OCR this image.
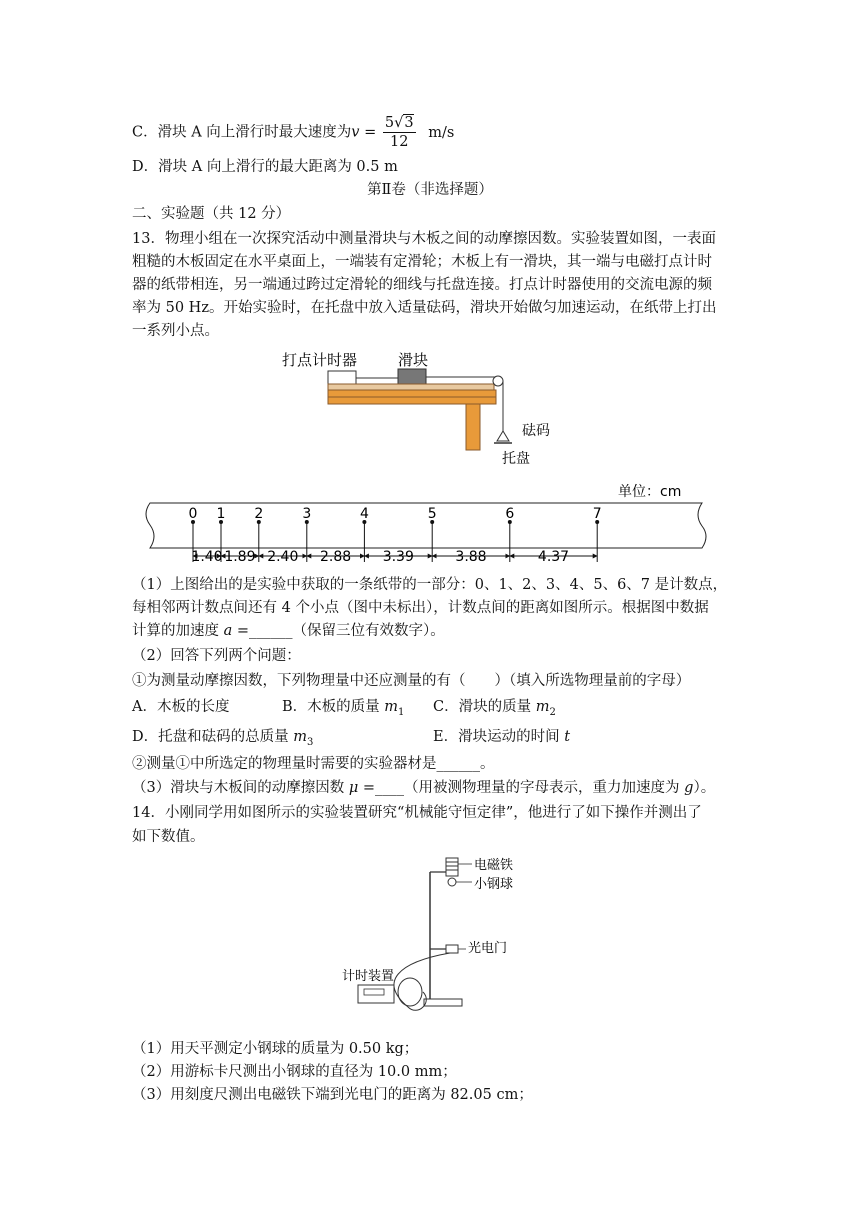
C．滑块 A 向上滑行时最大速度为$v = \frac{5√3}{12} m/s$
D．滑块 A 向上滑行的最大距离为 0.5 m
第Ⅱ卷（非选择题）
二、实验题（共 12 分）
13．物理小组在一次探究活动中测量滑块与木板之间的动摩擦因数。实验装置如图，一表面
粗糙的木板固定在水平桌面上，一端装有定滑轮；木板上有一滑块，其一端与电磁打点计时
器的纸带相连，另一端通过跨过定滑轮的细线与托盘连接。打点计时器使用的交流电源的频
率为 50 Hz。开始实验时，在托盘中放入适量砝码，滑块开始做匀加速运动，在纸带上打出
一系列小点。
打点计时器	滑块
砝码
托盘
单位：cm
0 1 2	3	4	5	6	7
1.40 1.89 2.40 2.88 3.39	3.88	4.37
（1）上图给出的是实验中获取的一条纸带的一部分：0、1、2、3、4、5、6、7 是计数点，
每相邻两计数点间还有 4 个小点（图中未标出），计数点间的距离如图所示。根据图中数据
计算的加速度 a =______（保留三位有效数字）。
（2）回答下列两个问题：
①为测量动摩擦因数，下列物理量中还应测量的有（　　）（填入所选物理量前的字母）
A．木板的长度	B．木板的质量 $m_1$ C．滑块的质量 $m_2$
D．托盘和砝码的总质量 $m_3$	E．滑块运动的时间 t
②测量①中所选定的物理量时需要的实验器材是______。
（3）滑块与木板间的动摩擦因数 μ =____（用被测物理量的字母表示，重力加速度为 g）。
14．小刚同学用如图所示的实验装置研究“机械能守恒定律”，他进行了如下操作并测出了
如下数值。
电磁铁
小钢球
光电门
计时装置
（1）用天平测定小钢球的质量为 0.50 kg；
（2）用游标卡尺测出小钢球的直径为 10.0 mm；
（3）用刻度尺测出电磁铁下端到光电门的距离为 82.05 cm；
